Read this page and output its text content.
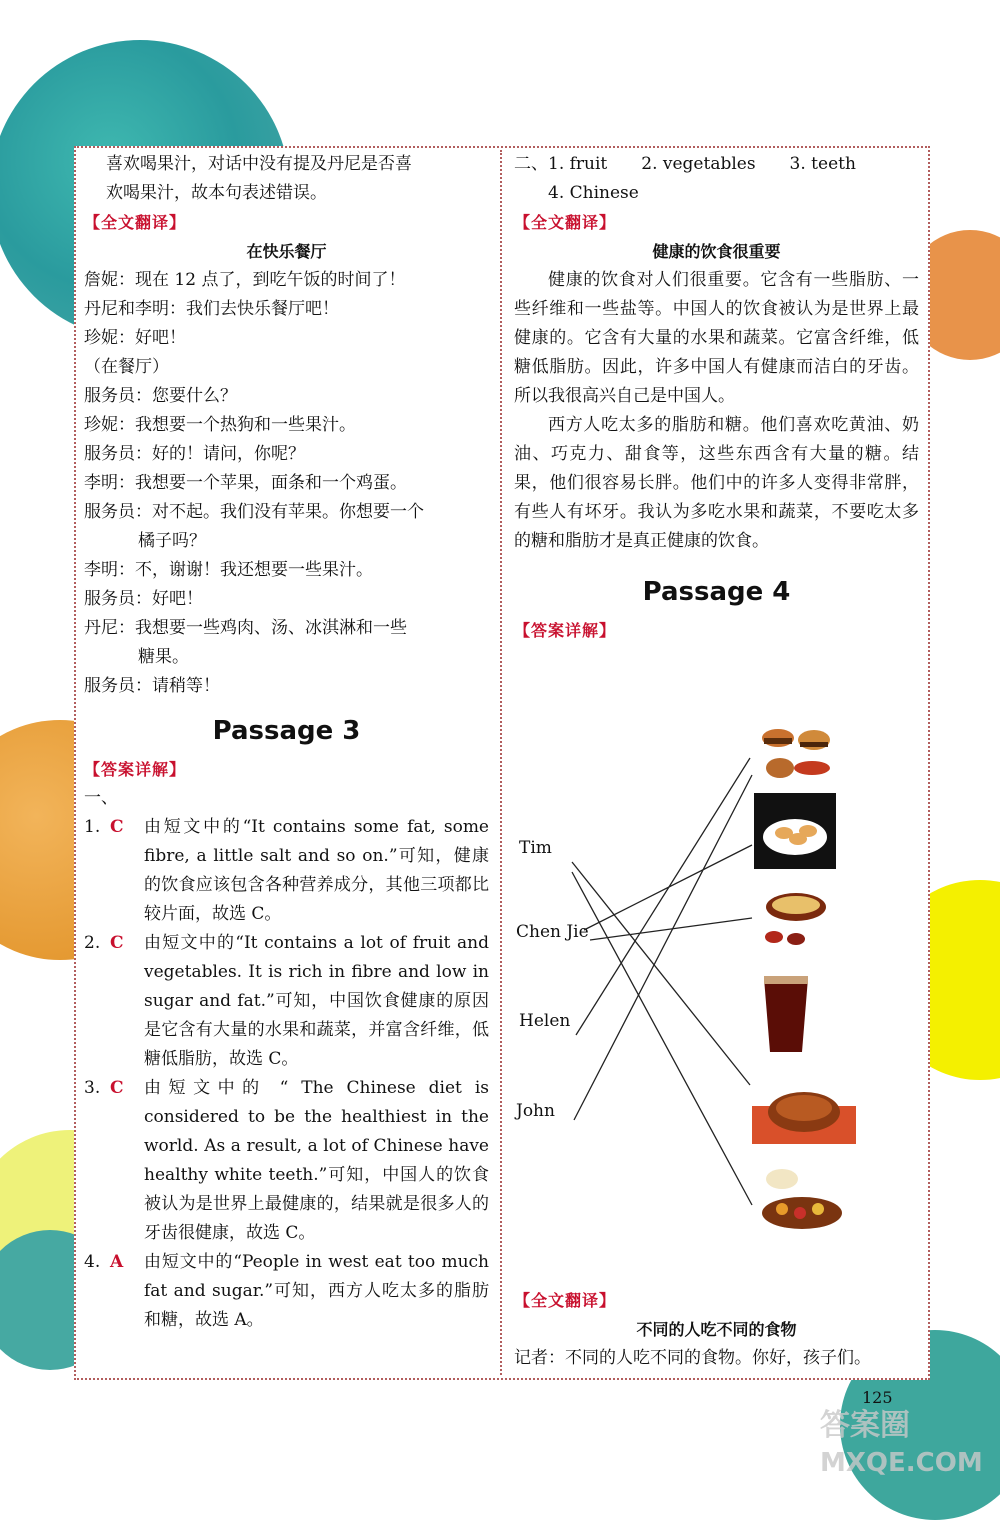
喜欢喝果汁，对话中没有提及丹尼是否喜

欢喝果汁，故本句表述错误。

【全文翻译】

在快乐餐厅

詹妮：现在 12 点了，到吃午饭的时间了！

丹尼和李明：我们去快乐餐厅吧！

珍妮：好吧！

（在餐厅）

服务员：您要什么？

珍妮：我想要一个热狗和一些果汁。

服务员：好的！请问，你呢？

李明：我想要一个苹果，面条和一个鸡蛋。

服务员：对不起。我们没有苹果。你想要一个

橘子吗？

李明：不，谢谢！我还想要一些果汁。

服务员：好吧！

丹尼：我想要一些鸡肉、汤、冰淇淋和一些

糖果。

服务员：请稍等！

Passage 3

【答案详解】

一、

1. C	由短文中的“It contains some fat, some fibre, a little salt and so on.”可知，健康的饮食应该包含各种营养成分，其他三项都比较片面，故选 C。
2. C	由短文中的“It contains a lot of fruit and vegetables. It is rich in fibre and low in sugar and fat.”可知，中国饮食健康的原因是它含有大量的水果和蔬菜，并富含纤维，低糖低脂肪，故选 C。
3. C	由短文中的 “ The Chinese diet is considered to be the healthiest in the world. As a result, a lot of Chinese have healthy white teeth.”可知，中国人的饮食被认为是世界上最健康的，结果就是很多人的牙齿很健康，故选 C。
4. A	由短文中的“People in west eat too much fat and sugar.”可知，西方人吃太多的脂肪和糖，故选 A。

二、1. fruit　　2. vegetables　　3. teeth

4. Chinese

【全文翻译】

健康的饮食很重要

健康的饮食对人们很重要。它含有一些脂肪、一些纤维和一些盐等。中国人的饮食被认为是世界上最健康的。它含有大量的水果和蔬菜。它富含纤维，低糖低脂肪。因此，许多中国人有健康而洁白的牙齿。所以我很高兴自己是中国人。

西方人吃太多的脂肪和糖。他们喜欢吃黄油、奶油、巧克力、甜食等，这些东西含有大量的糖。结果，他们很容易长胖。他们中的许多人变得非常胖，有些人有坏牙。我认为多吃水果和蔬菜，不要吃太多的糖和脂肪才是真正健康的饮食。

Passage 4

【答案详解】

Tim
Chen Jie
Helen
John

【全文翻译】

不同的人吃不同的食物

记者：不同的人吃不同的食物。你好，孩子们。

125
答案圈
MXQE.COM
